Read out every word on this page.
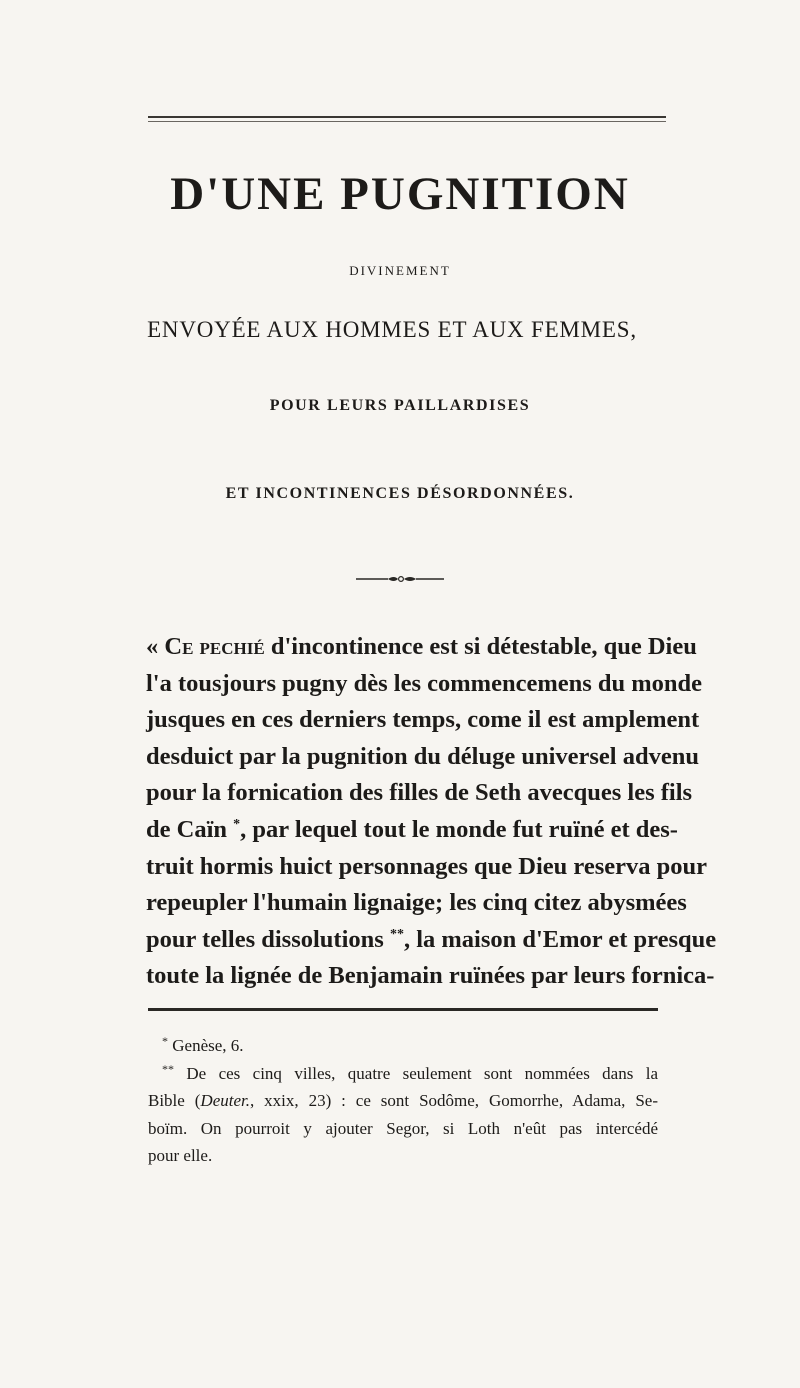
D'UNE PUGNITION
DIVINEMENT
ENVOYÉE AUX HOMMES ET AUX FEMMES,
POUR LEURS PAILLARDISES
ET INCONTINENCES DÉSORDONNÉES.
« Ce pechié d'incontinence est si détestable, que Dieu
l'a tousjours pugny dès les commencemens du monde
jusques en ces derniers temps, come il est amplement
desduict par la pugnition du déluge universel advenu
pour la fornication des filles de Seth avecques les fils
de Caïn *, par lequel tout le monde fut ruïné et des-
truit hormis huict personnages que Dieu reserva pour
repeupler l'humain lignaige; les cinq citez abysmées
pour telles dissolutions **, la maison d'Emor et presque
toute la lignée de Benjamain ruïnées par leurs fornica-
* Genèse, 6.
** De ces cinq villes, quatre seulement sont nommées dans la
Bible (Deuter., xxix, 23) : ce sont Sodôme, Gomorrhe, Adama, Se-
boïm. On pourroit y ajouter Segor, si Loth n'eût pas intercédé
pour elle.
